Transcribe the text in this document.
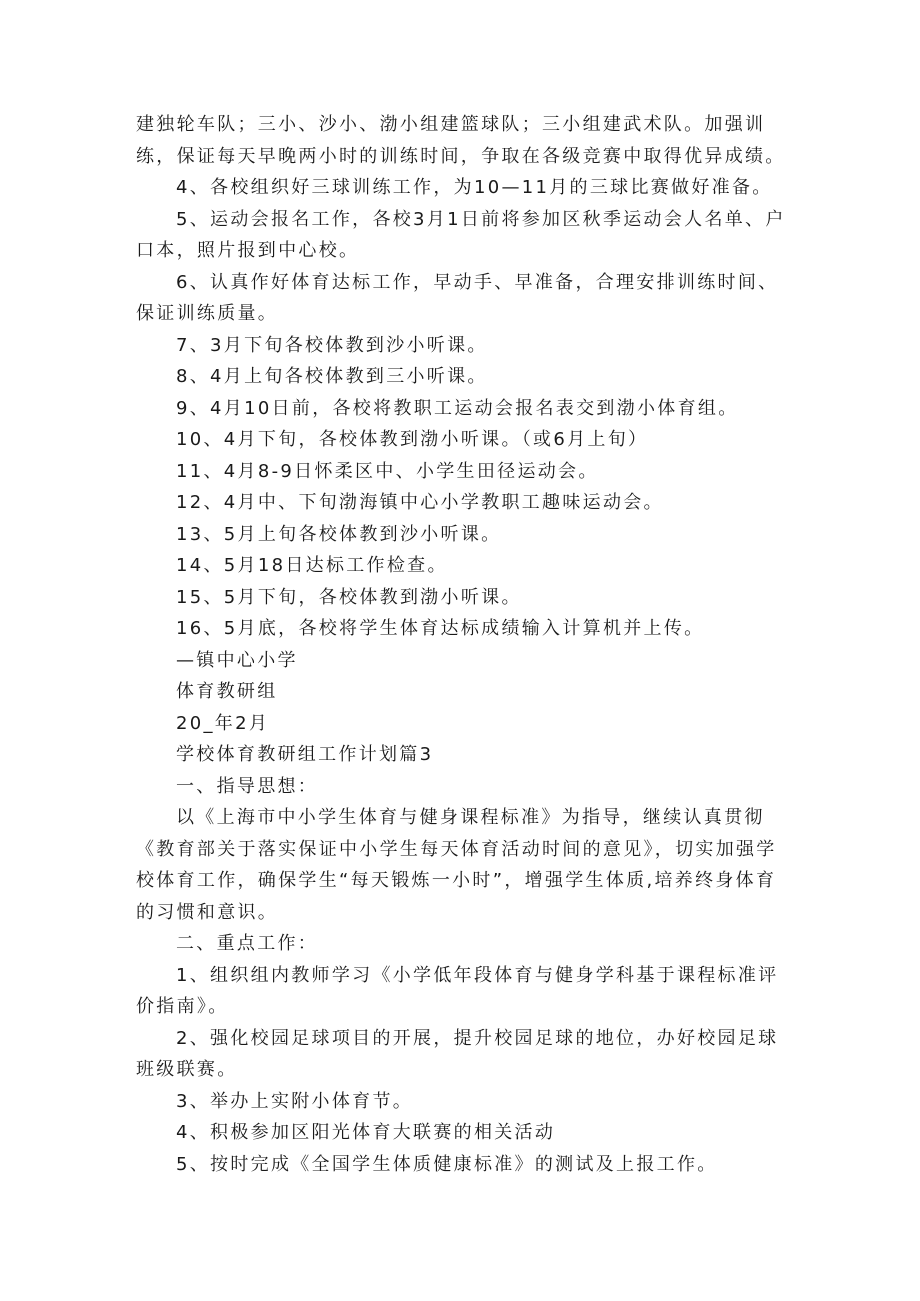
建独轮车队；三小、沙小、渤小组建篮球队；三小组建武术队。加强训练，保证每天早晚两小时的训练时间，争取在各级竞赛中取得优异成绩。

4、各校组织好三球训练工作，为10—11月的三球比赛做好准备。

5、运动会报名工作，各校3月1日前将参加区秋季运动会人名单、户口本，照片报到中心校。

6、认真作好体育达标工作，早动手、早准备，合理安排训练时间、保证训练质量。

7、3月下旬各校体教到沙小听课。

8、4月上旬各校体教到三小听课。

9、4月10日前，各校将教职工运动会报名表交到渤小体育组。

10、4月下旬，各校体教到渤小听课。（或6月上旬）

11、4月8-9日怀柔区中、小学生田径运动会。

12、4月中、下旬渤海镇中心小学教职工趣味运动会。

13、5月上旬各校体教到沙小听课。

14、5月18日达标工作检查。

15、5月下旬，各校体教到渤小听课。

16、5月底，各校将学生体育达标成绩输入计算机并上传。

—镇中心小学

体育教研组

20_年2月

学校体育教研组工作计划篇3

一、指导思想：

以《上海市中小学生体育与健身课程标准》为指导，继续认真贯彻《教育部关于落实保证中小学生每天体育活动时间的意见》，切实加强学校体育工作，确保学生“每天锻炼一小时”，增强学生体质,培养终身体育的习惯和意识。

二、重点工作：

1、组织组内教师学习《小学低年段体育与健身学科基于课程标准评价指南》。

2、强化校园足球项目的开展，提升校园足球的地位，办好校园足球班级联赛。

3、举办上实附小体育节。

4、积极参加区阳光体育大联赛的相关活动

5、按时完成《全国学生体质健康标准》的测试及上报工作。
